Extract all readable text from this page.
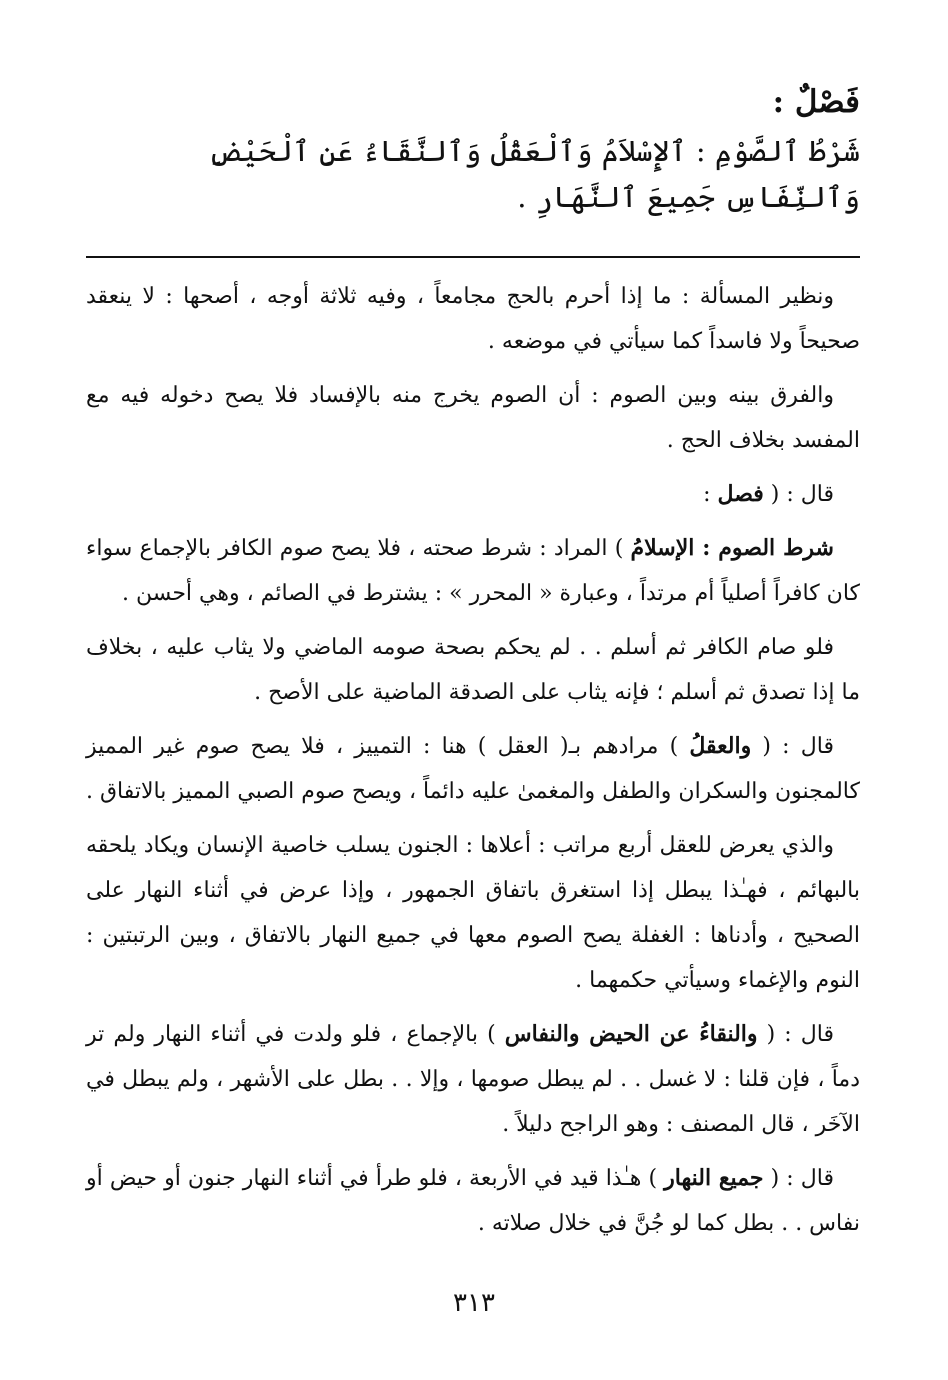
فَصْلٌ :
شَرْطُ ٱلصَّوْمِ : ٱلإِسْلاَمُ وَٱلْعَقْلُ وَٱلنَّقَاءُ عَنِ ٱلْحَيْضِ وَٱلنِّفَاسِ جَمِيعَ ٱلنَّهَارِ .

ونظير المسألة : ما إذا أحرم بالحج مجامعاً ، وفيه ثلاثة أوجه ، أصحها : لا ينعقد صحيحاً ولا فاسداً كما سيأتي في موضعه .

والفرق بينه وبين الصوم : أن الصوم يخرج منه بالإفساد فلا يصح دخوله فيه مع المفسد بخلاف الحج .

قال : ( فصل :

شرط الصوم : الإسلامُ ) المراد : شرط صحته ، فلا يصح صوم الكافر بالإجماع سواء كان كافراً أصلياً أم مرتداً ، وعبارة « المحرر » : يشترط في الصائم ، وهي أحسن .

فلو صام الكافر ثم أسلم . . لم يحكم بصحة صومه الماضي ولا يثاب عليه ، بخلاف ما إذا تصدق ثم أسلم ؛ فإنه يثاب على الصدقة الماضية على الأصح .

قال : ( والعقلُ ) مرادهم بـ( العقل ) هنا : التمييز ، فلا يصح صوم غير المميز كالمجنون والسكران والطفل والمغمىٰ عليه دائماً ، ويصح صوم الصبي المميز بالاتفاق .

والذي يعرض للعقل أربع مراتب : أعلاها : الجنون يسلب خاصية الإنسان ويكاد يلحقه بالبهائم ، فهـٰذا يبطل إذا استغرق باتفاق الجمهور ، وإذا عرض في أثناء النهار على الصحيح ، وأدناها : الغفلة يصح الصوم معها في جميع النهار بالاتفاق ، وبين الرتبتين : النوم والإغماء وسيأتي حكمهما .

قال : ( والنقاءُ عن الحيض والنفاس ) بالإجماع ، فلو ولدت في أثناء النهار ولم تر دماً ، فإن قلنا : لا غسل . . لم يبطل صومها ، وإلا . . بطل على الأشهر ، ولم يبطل في الآخَر ، قال المصنف : وهو الراجح دليلاً .

قال : ( جميع النهار ) هـٰذا قيد في الأربعة ، فلو طرأ في أثناء النهار جنون أو حيض أو نفاس . . بطل كما لو جُنَّ في خلال صلاته .

٣١٣
